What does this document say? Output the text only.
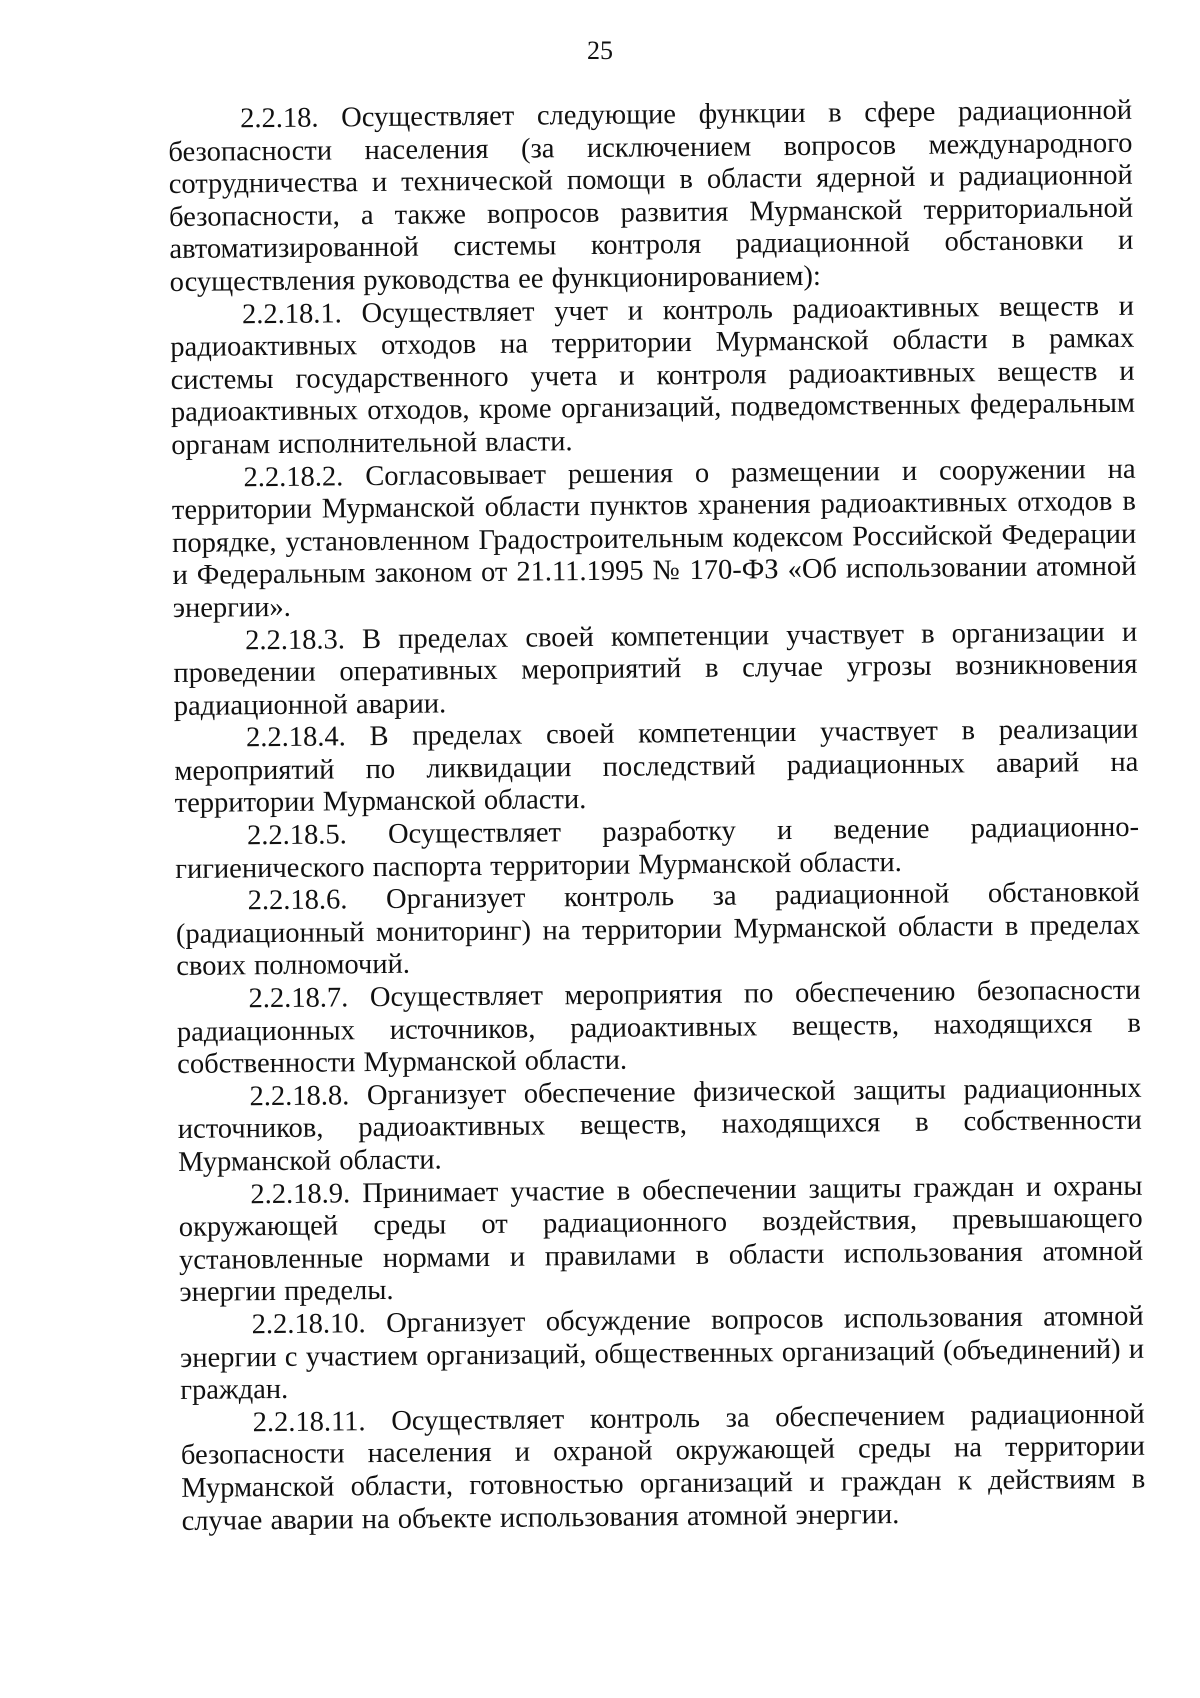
25

2.2.18. Осуществляет следующие функции в сфере радиационной безопасности населения (за исключением вопросов международного сотрудничества и технической помощи в области ядерной и радиационной безопасности, а также вопросов развития Мурманской территориальной автоматизированной системы контроля радиационной обстановки и осуществления руководства ее функционированием):

2.2.18.1. Осуществляет учет и контроль радиоактивных веществ и радиоактивных отходов на территории Мурманской области в рамках системы государственного учета и контроля радиоактивных веществ и радиоактивных отходов, кроме организаций, подведомственных федеральным органам исполнительной власти.

2.2.18.2. Согласовывает решения о размещении и сооружении на территории Мурманской области пунктов хранения радиоактивных отходов в порядке, установленном Градостроительным кодексом Российской Федерации и Федеральным законом от 21.11.1995 № 170-ФЗ «Об использовании атомной энергии».

2.2.18.3. В пределах своей компетенции участвует в организации и проведении оперативных мероприятий в случае угрозы возникновения радиационной аварии.

2.2.18.4. В пределах своей компетенции участвует в реализации мероприятий по ликвидации последствий радиационных аварий на территории Мурманской области.

2.2.18.5. Осуществляет разработку и ведение радиационно-гигиенического паспорта территории Мурманской области.

2.2.18.6. Организует контроль за радиационной обстановкой (радиационный мониторинг) на территории Мурманской области в пределах своих полномочий.

2.2.18.7. Осуществляет мероприятия по обеспечению безопасности радиационных источников, радиоактивных веществ, находящихся в собственности Мурманской области.

2.2.18.8. Организует обеспечение физической защиты радиационных источников, радиоактивных веществ, находящихся в собственности Мурманской области.

2.2.18.9. Принимает участие в обеспечении защиты граждан и охраны окружающей среды от радиационного воздействия, превышающего установленные нормами и правилами в области использования атомной энергии пределы.

2.2.18.10. Организует обсуждение вопросов использования атомной энергии с участием организаций, общественных организаций (объединений) и граждан.

2.2.18.11. Осуществляет контроль за обеспечением радиационной безопасности населения и охраной окружающей среды на территории Мурманской области, готовностью организаций и граждан к действиям в случае аварии на объекте использования атомной энергии.
